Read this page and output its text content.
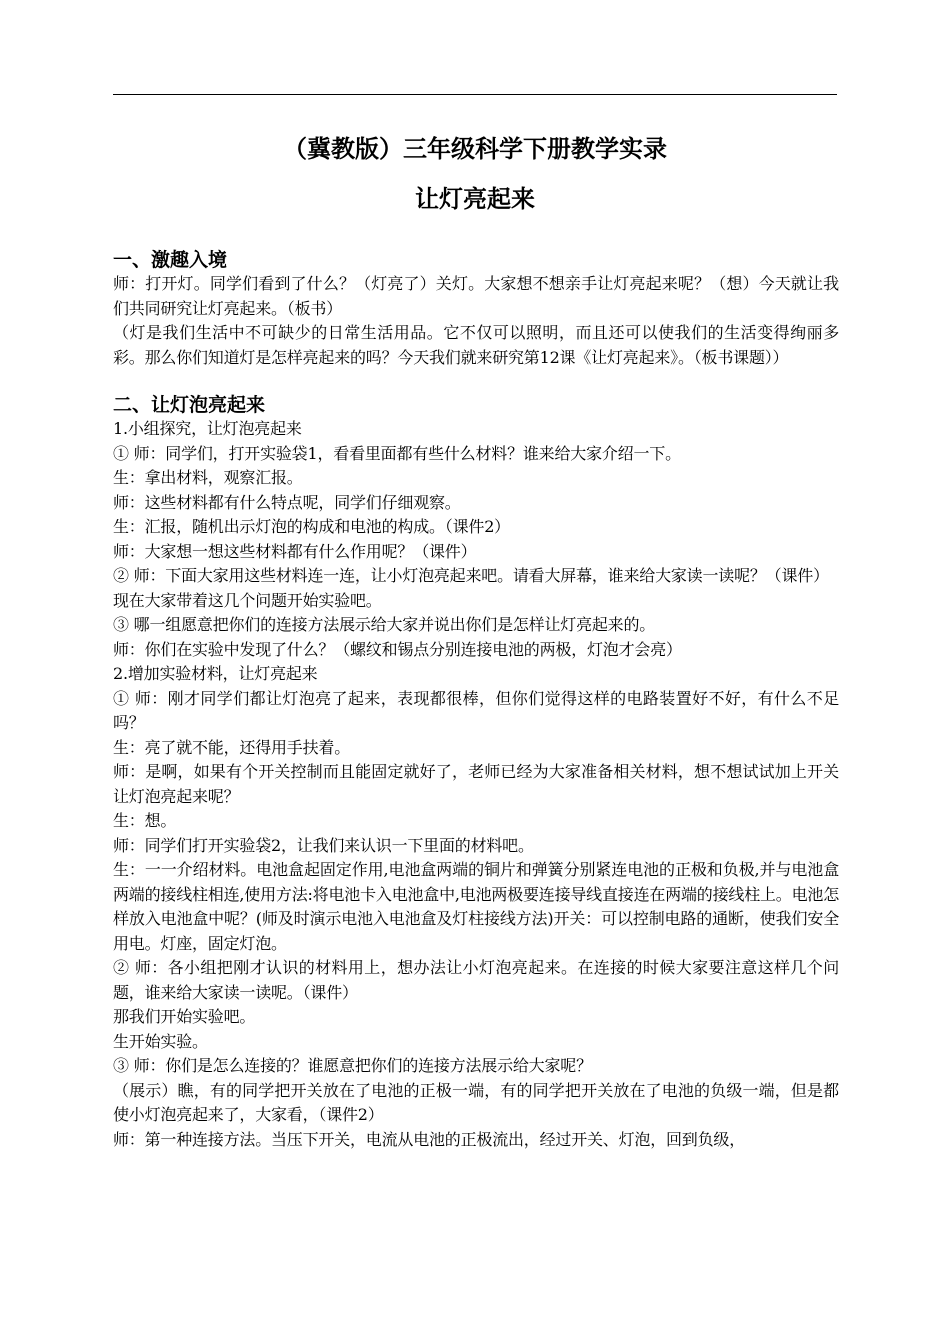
（冀教版）三年级科学下册教学实录
让灯亮起来
一、激趣入境
师：打开灯。同学们看到了什么？（灯亮了）关灯。大家想不想亲手让灯亮起来呢？（想）今天就让我们共同研究让灯亮起来。（板书）
（灯是我们生活中不可缺少的日常生活用品。它不仅可以照明，而且还可以使我们的生活变得绚丽多彩。那么你们知道灯是怎样亮起来的吗？今天我们就来研究第12课《让灯亮起来》。（板书课题））
二、让灯泡亮起来
1.小组探究，让灯泡亮起来
① 师：同学们，打开实验袋1，看看里面都有些什么材料？谁来给大家介绍一下。
生：拿出材料，观察汇报。
师：这些材料都有什么特点呢，同学们仔细观察。
生：汇报，随机出示灯泡的构成和电池的构成。（课件2）
师：大家想一想这些材料都有什么作用呢？（课件）
② 师：下面大家用这些材料连一连，让小灯泡亮起来吧。请看大屏幕，谁来给大家读一读呢？（课件）
现在大家带着这几个问题开始实验吧。
③ 哪一组愿意把你们的连接方法展示给大家并说出你们是怎样让灯亮起来的。
师：你们在实验中发现了什么？（螺纹和锡点分别连接电池的两极，灯泡才会亮）
2.增加实验材料，让灯亮起来
① 师：刚才同学们都让灯泡亮了起来，表现都很棒，但你们觉得这样的电路装置好不好，有什么不足吗？
生：亮了就不能，还得用手扶着。
师：是啊，如果有个开关控制而且能固定就好了，老师已经为大家准备相关材料，想不想试试加上开关让灯泡亮起来呢？
生：想。
师：同学们打开实验袋2，让我们来认识一下里面的材料吧。
生：一一介绍材料。电池盒起固定作用,电池盒两端的铜片和弹簧分别紧连电池的正极和负极,并与电池盒两端的接线柱相连,使用方法:将电池卡入电池盒中,电池两极要连接导线直接连在两端的接线柱上。电池怎样放入电池盒中呢？(师及时演示电池入电池盒及灯柱接线方法)开关：可以控制电路的通断，使我们安全用电。灯座，固定灯泡。
② 师：各小组把刚才认识的材料用上，想办法让小灯泡亮起来。在连接的时候大家要注意这样几个问题，谁来给大家读一读呢。（课件）
那我们开始实验吧。
生开始实验。
③ 师：你们是怎么连接的？谁愿意把你们的连接方法展示给大家呢？
（展示）瞧，有的同学把开关放在了电池的正极一端，有的同学把开关放在了电池的负级一端，但是都使小灯泡亮起来了，大家看，（课件2）
师：第一种连接方法。当压下开关，电流从电池的正极流出，经过开关、灯泡，回到负级，
